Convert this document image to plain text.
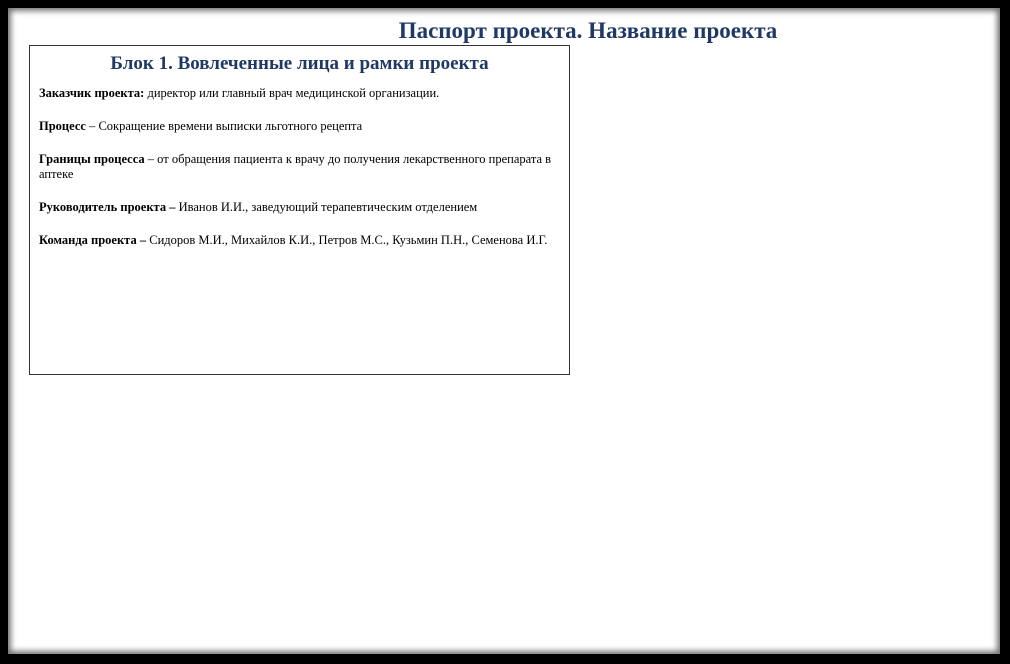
Паспорт проекта. Название проекта
Блок 1. Вовлеченные лица и рамки проекта

Заказчик проекта: директор или главный врач медицинской организации.

Процесс – Сокращение времени выписки льготного рецепта

Границы процесса – от обращения пациента к врачу до получения лекарственного препарата в аптеке

Руководитель проекта – Иванов И.И., заведующий терапевтическим отделением

Команда проекта – Сидоров М.И., Михайлов К.И., Петров М.С., Кузьмин П.Н., Семенова И.Г.
